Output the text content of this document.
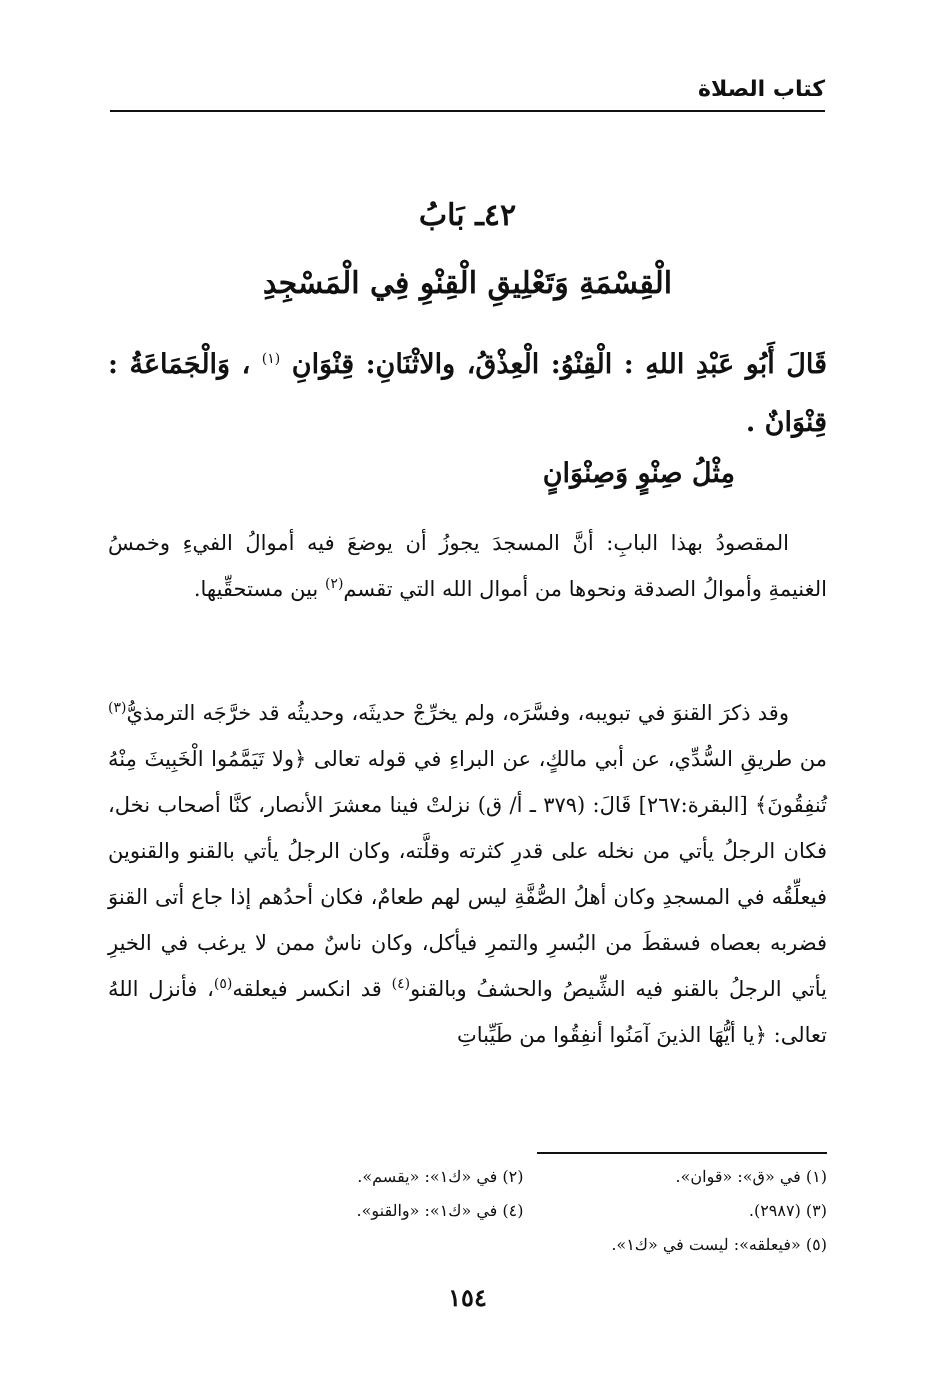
كتاب الصلاة
٤٢ـ بَابُ
الْقِسْمَةِ وَتَعْلِيقِ الْقِنْوِ فِي الْمَسْجِدِ
قَالَ أَبُو عَبْدِ اللهِ : الْقِنْوُ: الْعِذْقُ، والاثْنَانِ: قِنْوَانِ $^{(١)}$ ، وَالْجَمَاعَةُ : قِنْوَانٌ .
مِثْلُ صِنْوٍ وَصِنْوَانٍ

المقصودُ بهذا البابِ: أنَّ المسجدَ يجوزُ أن يوضعَ فيه أموالُ الفيءِ وخمسُ الغنيمةِ وأموالُ الصدقة ونحوها من أموال الله التي تقسم$^{(٢)}$ بين مستحقِّيها.

وقد ذكرَ القنوَ في تبويبه، وفسَّرَه، ولم يخرِّجْ حديثَه، وحديثُه قد خرَّجَه الترمذيُّ$^{(٣)}$ من طريقِ السُّدِّي، عن أبي مالكٍ، عن البراءِ في قوله تعالى ﴿ولا تَيَمَّمُوا الْخَبِيثَ مِنْهُ تُنفِقُونَ﴾ [البقرة:٢٦٧] قَالَ: (٣٧٩ ـ أ/ ق) نزلتْ فينا معشرَ الأنصار، كنَّا أصحاب نخل، فكان الرجلُ يأتي من نخله على قدرِ كثرته وقلَّته، وكان الرجلُ يأتي بالقنو والقنوين فيعلِّقُه في المسجدِ وكان أهلُ الصُّفَّةِ ليس لهم طعامٌ، فكان أحدُهم إذا جاع أتى القنوَ فضربه بعصاه فسقطَ من البُسرِ والتمرِ فيأكل، وكان ناسٌ ممن لا يرغب في الخيرِ يأتي الرجلُ بالقنو فيه الشِّيصُ والحشفُ وبالقنو$^{(٤)}$ قد انكسر فيعلقه$^{(٥)}$، فأنزل اللهُ تعالى: ﴿يا أيُّهَا الذينَ آمَنُوا أنفِقُوا من طَيِّباتِ

(١) في «ق»: «قوان».
(٢) في «ك١»: «يقسم».
(٣) (٢٩٨٧).
(٤) في «ك١»: «والقنو».
(٥) «فيعلقه»: ليست في «ك١».
١٥٤
